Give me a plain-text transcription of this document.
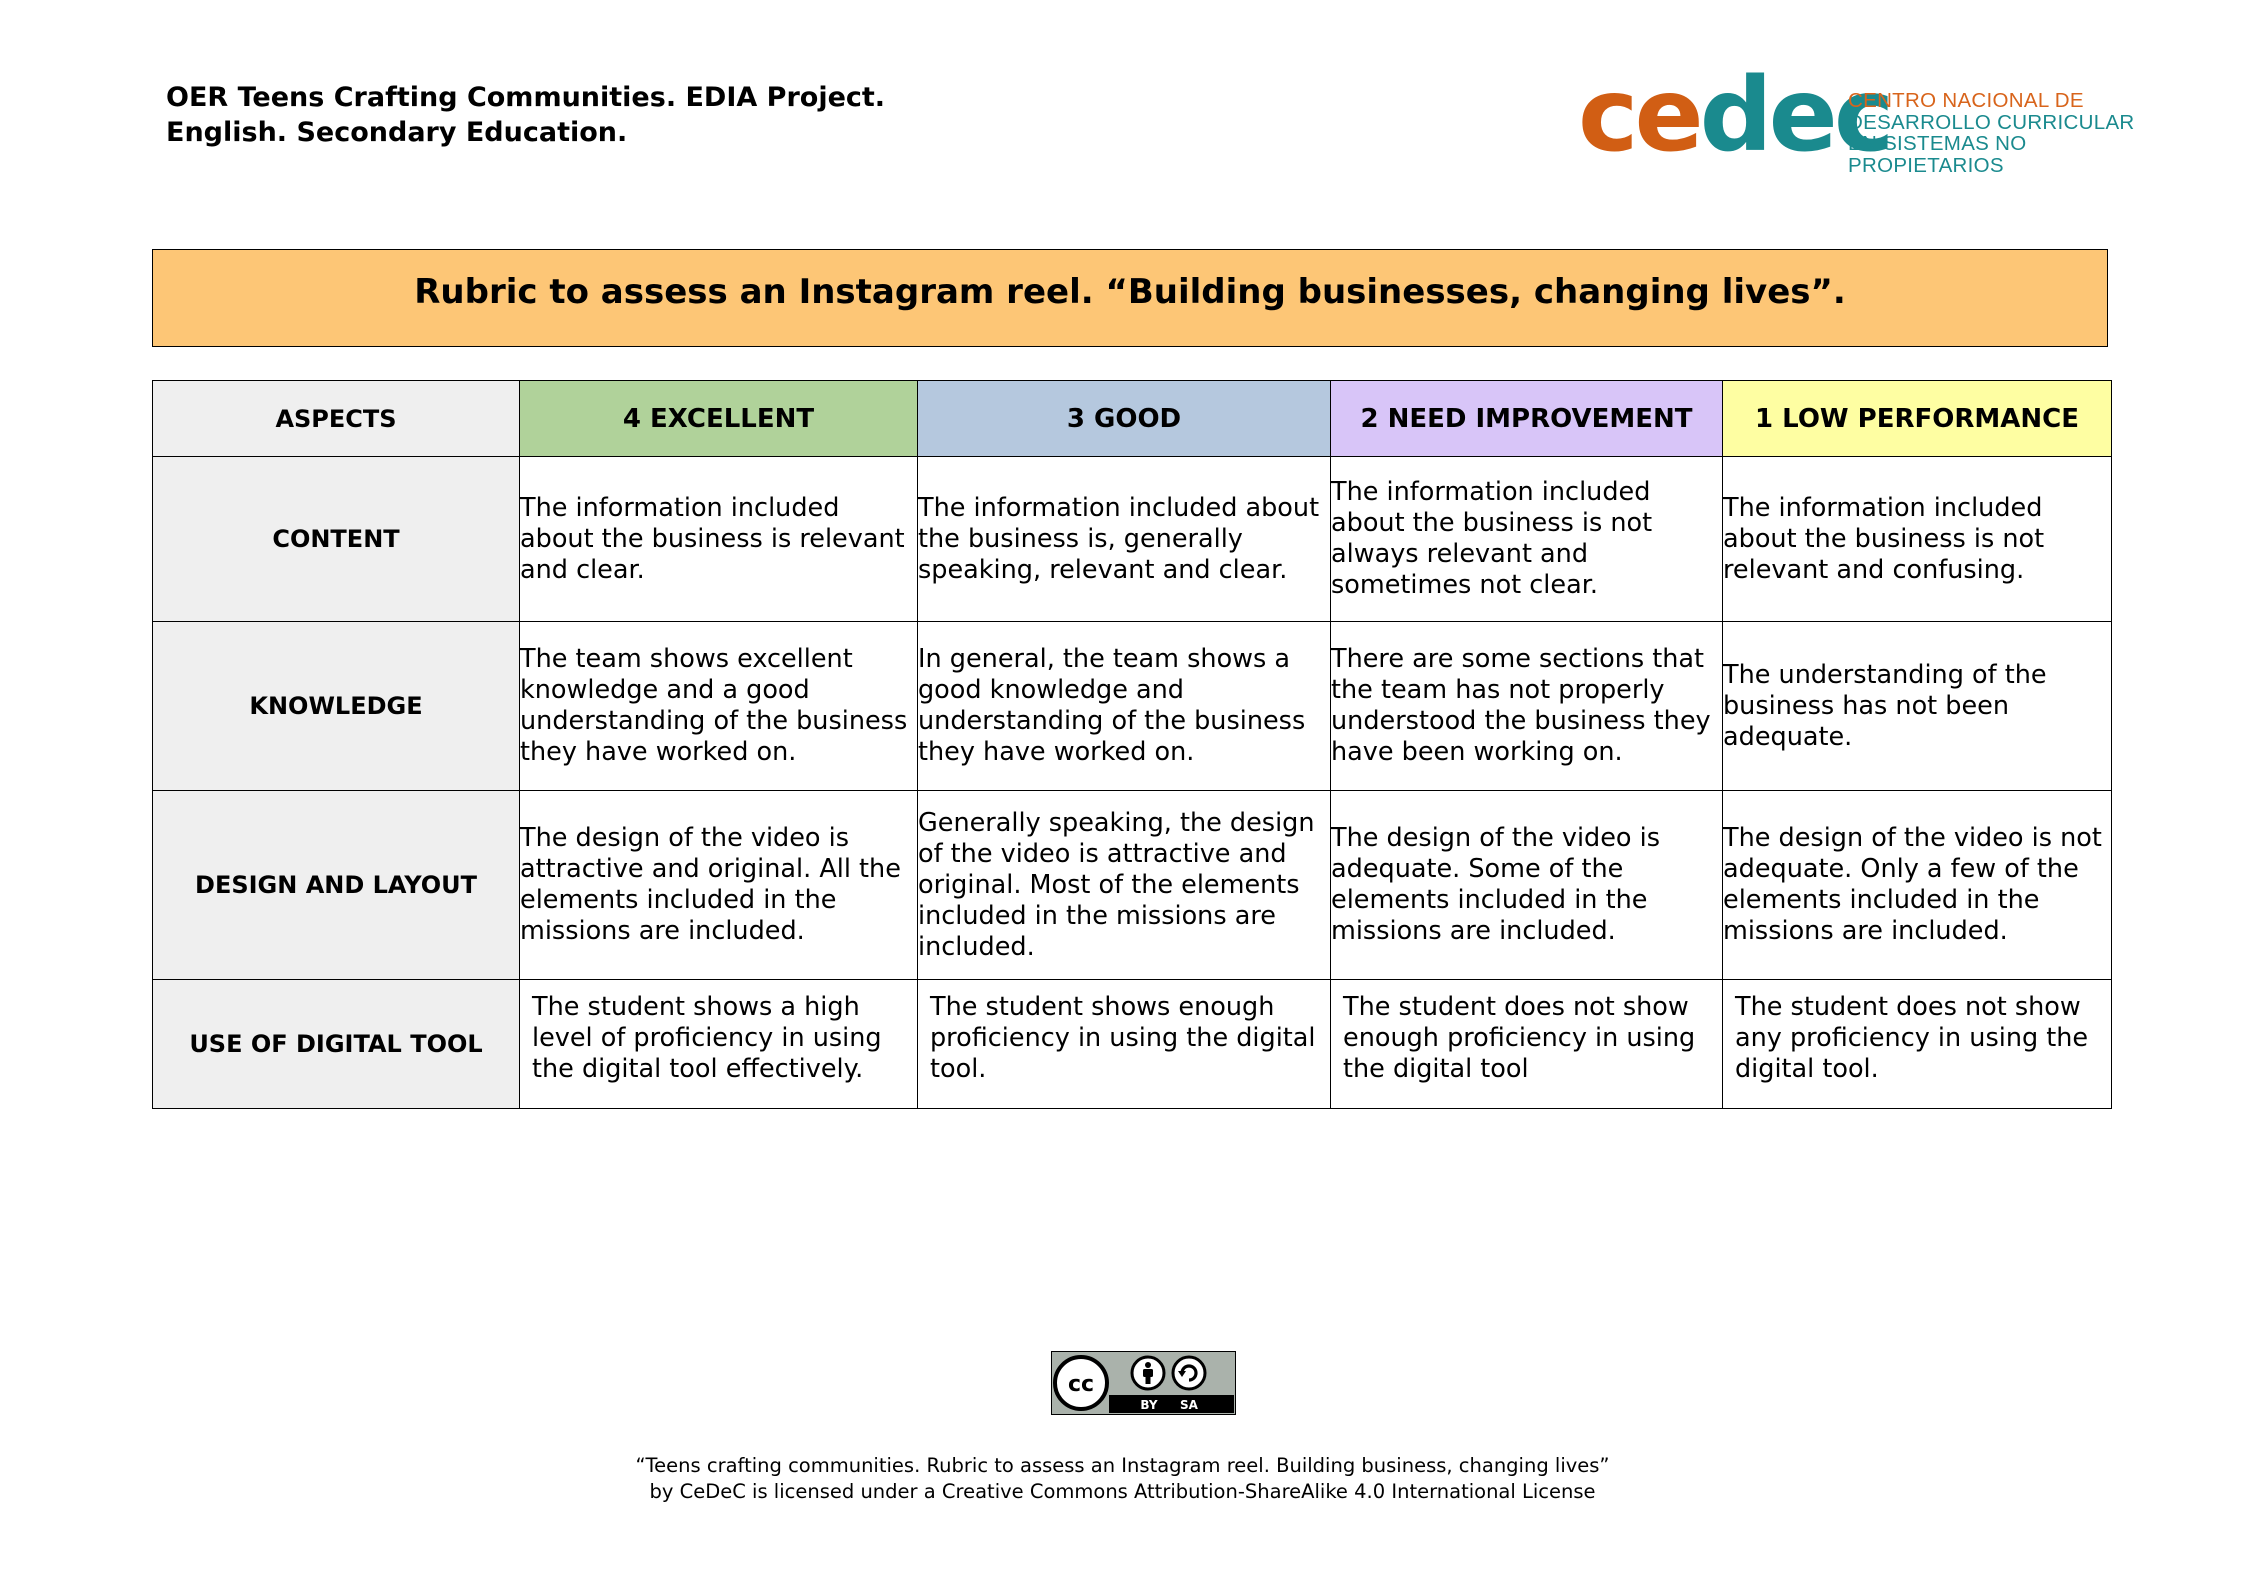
OER Teens Crafting Communities. EDIA Project.
English. Secondary Education.	cedec
CENTRO NACIONAL DE
DESARROLLO CURRICULAR
EN SISTEMAS NO PROPIETARIOS
Rubric to assess an Instagram reel. “Building businesses, changing lives”.
ASPECTS	4 EXCELLENT	3 GOOD	2 NEED IMPROVEMENT	1 LOW PERFORMANCE
CONTENT	The information included about the business is relevant and clear.	The information included about the business is, generally speaking, relevant and clear.	The information included about the business is not always relevant and sometimes not clear.	The information included about the business is not relevant and confusing.
KNOWLEDGE	The team shows excellent knowledge and a good understanding of the business they have worked on.	In general, the team shows a good knowledge and understanding of the business they have worked on.	There are some sections that the team has not properly understood the business they have been working on.	The understanding of the business has not been adequate.
DESIGN AND LAYOUT	The design of the video is attractive and original. All the elements included in the missions are included.	Generally speaking, the design of the video is attractive and original. Most of the elements included in the missions are included.	The design of the video is adequate. Some of the elements included in the missions are included.	The design of the video is not adequate. Only a few of the elements included in the missions are included.
USE OF DIGITAL TOOL	The student shows a high level of proficiency in using the digital tool effectively.	The student shows enough proficiency in using the digital tool.	The student does not show enough proficiency in using the digital tool	The student does not show any proficiency in using the digital tool.
cc
BY SA
“Teens crafting communities. Rubric to assess an Instagram reel. Building business, changing lives”
by CeDeC is licensed under a Creative Commons Attribution-ShareAlike 4.0 International License
